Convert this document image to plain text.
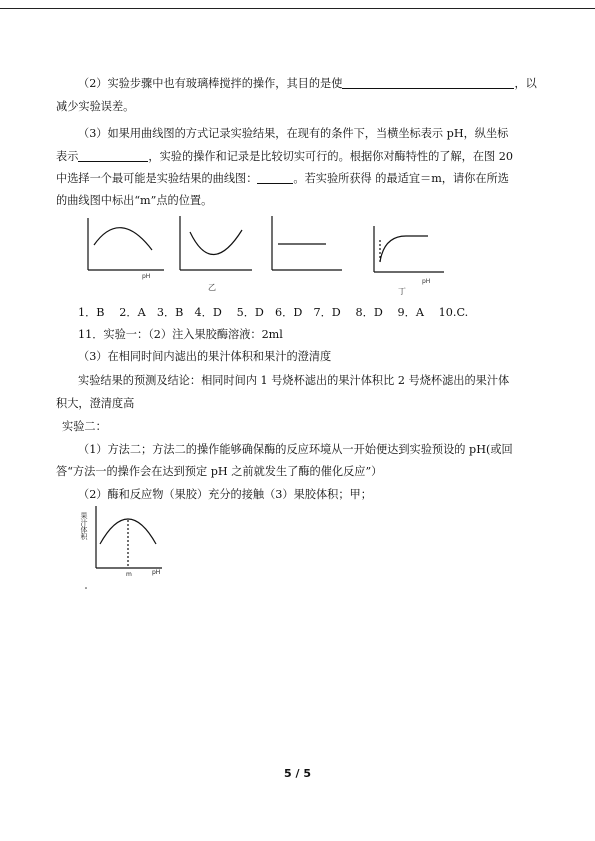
（2）实验步骤中也有玻璃棒搅拌的操作，其目的是使	，以
减少实验误差。
（3）如果用曲线图的方式记录实验结果，在现有的条件下，当横坐标表示 pH，纵坐标
表示	，实验的操作和记录是比较切实可行的。根据你对酶特性的了解，在图 20
中选择一个最可能是实验结果的曲线图：	。若实验所获得 的最适宜＝m，请你在所选
的曲线图中标出“m”点的位置。
pH
乙	丁
pH
1．B　 2．A　3．B　4．D　 5．D　6．D　7．D　 8．D　 9．A　 10.C.
11．实验一：（2）注入果胶酶溶液：2ml
（3）在相同时间内滤出的果汁体积和果汁的澄清度
实验结果的预测及结论：相同时间内 1 号烧杯滤出的果汁体积比 2 号烧杯滤出的果汁体
积大，澄清度高
实验二：
（1）方法二；方法二的操作能够确保酶的反应环境从一开始便达到实验预设的 pH(或回
答“方法一的操作会在达到预定 pH 之前就发生了酶的催化反应”）
（2）酶和反应物（果胶）充分的接触（3）果胶体积；甲；
果汁体积
m	pH
5 / 5
